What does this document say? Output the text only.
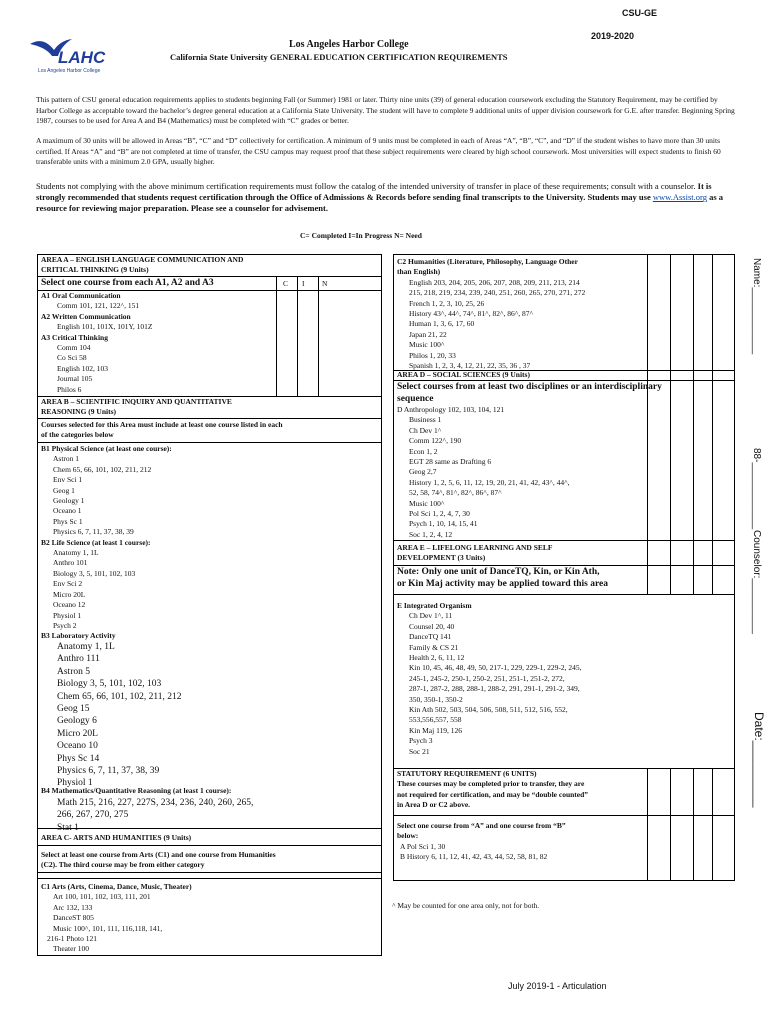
CSU-GE
2019-2020
LAHC
Los Angeles Harbor College
Los Angeles Harbor College
California State University GENERAL EDUCATION CERTIFICATION REQUIREMENTS
This pattern of CSU general education requirements applies to students beginning Fall (or Summer) 1981 or later. Thirty nine units (39) of general education coursework excluding the Statutory Requirement, may be certified by Harbor College as acceptable toward the bachelor’s degree general education at a California State University. The student will have to complete 9 additional units of upper division coursework for G.E. after transfer. Beginning Spring 1987, courses to be used for Area A and B4 (Mathematics) must be completed with “C” grades or better.
A maximum of 30 units will be allowed in Areas “B”, “C” and “D” collectively for certification. A minimum of 9 units must be completed in each of Areas “A”, “B”, “C”, and “D” if the student wishes to have more than 30 units certified. If Areas “A” and “B” are not completed at time of transfer, the CSU campus may request proof that these subject requirements were cleared by high school coursework. Most universities will expect students to finish 60 transferable units with a minimum 2.0 GPA, usually higher.
Students not complying with the above minimum certification requirements must follow the catalog of the intended university of transfer in place of these requirements; consult with a counselor. It is strongly recommended that students request certification through the Office of Admissions & Records before sending final transcripts to the University. Students may use www.Assist.org as a resource for reviewing major preparation. Please see a counselor for advisement.
C= Completed I=In Progress N= Need
AREA A – ENGLISH LANGUAGE COMMUNICATION AND
CRITICAL THINKING (9 Units)
Select one course from each A1, A2 and A3	C I N
A1 Oral Communication
Comm 101, 121, 122^, 151
A2 Written Communication
English 101, 101X, 101Y, 101Z
A3 Critical Thinking
Comm 104
Co Sci 58
English 102, 103
Journal 105
Philos 6
AREA B – SCIENTIFIC INQUIRY AND QUANTITATIVE
REASONING (9 Units)
Courses selected for this Area must include at least one course listed in each
of the categories below
B1 Physical Science (at least one course):
Astron 1
Chem 65, 66, 101, 102, 211, 212
Env Sci 1
Geog 1
Geology 1
Oceano 1
Phys Sc 1
Physics 6, 7, 11, 37, 38, 39
B2 Life Science (at least 1 course):
Anatomy 1, 1L
Anthro 101
Biology 3, 5, 101, 102, 103
Env Sci 2
Micro 20L
Oceano 12
Physiol 1
Psych 2
B3 Laboratory Activity
Anatomy 1, 1L
Anthro 111
Astron 5
Biology 3, 5, 101, 102, 103
Chem 65, 66, 101, 102, 211, 212
Geog 15
Geology 6
Micro 20L
Oceano 10
Phys Sc 14
Physics 6, 7, 11, 37, 38, 39
Physiol 1
B4 Mathematics/Quantitative Reasoning (at least 1 course):
Math 215, 216, 227, 227S, 234, 236, 240, 260, 265,
266, 267, 270, 275
Stat 1
AREA C- ARTS AND HUMANITIES (9 Units)
Select at least one course from Arts (C1) and one course from Humanities
(C2). The third course may be from either category
C1 Arts (Arts, Cinema, Dance, Music, Theater)
Art 100, 101, 102, 103, 111, 201
Arc 132, 133
DanceST 805
Music 100^, 101, 111, 116,118, 141,
216-1 Photo 121
Theater 100
C2 Humanities (Literature, Philosophy, Language Other
than English)
English 203, 204, 205, 206, 207, 208, 209, 211, 213, 214
215, 218, 219, 234, 239, 240, 251, 260, 265, 270, 271, 272
French 1, 2, 3, 10, 25, 26
History 43^, 44^, 74^, 81^, 82^, 86^, 87^
Human 1, 3, 6, 17, 60
Japan 21, 22
Music 100^
Philos 1, 20, 33
Spanish 1, 2, 3, 4, 12, 21, 22, 35, 36 , 37
AREA D – SOCIAL SCIENCES (9 Units)
Select courses from at least two disciplines or an interdisciplinary
sequence
D Anthropology 102, 103, 104, 121
Business 1
Ch Dev 1^
Comm 122^, 190
Econ 1, 2
EGT 28 same as Drafting 6
Geog 2,7
History 1, 2, 5, 6, 11, 12, 19, 20, 21, 41, 42, 43^, 44^,
52, 58, 74^, 81^, 82^, 86^, 87^
Music 100^
Pol Sci 1, 2, 4, 7, 30
Psych 1, 10, 14, 15, 41
Soc 1, 2, 4, 12
AREA E – LIFELONG LEARNING AND SELF
DEVELOPMENT (3 Units)
Note: Only one unit of DanceTQ, Kin, or Kin Ath,
or Kin Maj activity may be applied toward this area
E Integrated Organism
Ch Dev 1^, 11
Counsel 20, 40
DanceTQ 141
Family & CS 21
Health 2, 6, 11, 12
Kin 10, 45, 46, 48, 49, 50, 217-1, 229, 229-1, 229-2, 245,
245-1, 245-2, 250-1, 250-2, 251, 251-1, 251-2, 272,
287-1, 287-2, 288, 288-1, 288-2, 291, 291-1, 291-2, 349,
350, 350-1, 350-2
Kin Ath 502, 503, 504, 506, 508, 511, 512, 516, 552,
553,556,557, 558
Kin Maj 119, 126
Psych 3
Soc 21
STATUTORY REQUIREMENT (6 UNITS)
These courses may be completed prior to transfer, they are
not required for certification, and may be “double counted”
in Area D or C2 above.
Select one course from “A” and one course from “B”
below:
A Pol Sci 1, 30
B History 6, 11, 12, 41, 42, 43, 44, 52, 58, 81, 82
^ May be counted for one area only, not for both.
Name:____________
88-____________
Counselor:__________
Date:__________
July 2019-1 - Articulation
